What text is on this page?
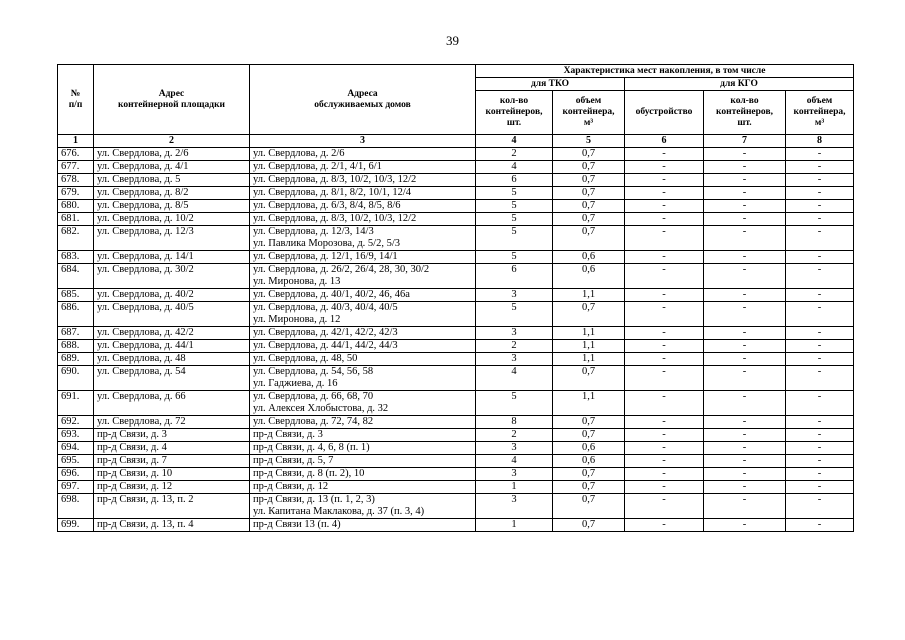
39
№
п/п	Адрес
контейнерной площадки	Адреса
обслуживаемых домов	Характеристика мест накопления, в том числе				
			для ТКО		для КГО		
			кол-во
контейнеров,
шт.	объем
контейнера,
м³	обустройство	кол-во
контейнеров,
шт.	объем
контейнера,
м³
1	2	3	4	5	6	7	8
676.	ул. Свердлова, д. 2/6	ул. Свердлова, д. 2/6	2	0,7	-	-	-
677.	ул. Свердлова, д. 4/1	ул. Свердлова, д. 2/1, 4/1, 6/1	4	0,7	-	-	-
678.	ул. Свердлова, д. 5	ул. Свердлова, д. 8/3, 10/2, 10/3, 12/2	6	0,7	-	-	-
679.	ул. Свердлова, д. 8/2	ул. Свердлова, д. 8/1, 8/2, 10/1, 12/4	5	0,7	-	-	-
680.	ул. Свердлова, д. 8/5	ул. Свердлова, д. 6/3, 8/4, 8/5, 8/6	5	0,7	-	-	-
681.	ул. Свердлова, д. 10/2	ул. Свердлова, д. 8/3, 10/2, 10/3, 12/2	5	0,7	-	-	-
682.	ул. Свердлова, д. 12/3	ул. Свердлова, д. 12/3, 14/3
ул. Павлика Морозова, д. 5/2, 5/3	5	0,7	-	-	-
683.	ул. Свердлова, д. 14/1	ул. Свердлова, д. 12/1, 16/9, 14/1	5	0,6	-	-	-
684.	ул. Свердлова, д. 30/2	ул. Свердлова, д. 26/2, 26/4, 28, 30, 30/2
ул. Миронова, д. 13	6	0,6	-	-	-
685.	ул. Свердлова, д. 40/2	ул. Свердлова, д. 40/1, 40/2, 46, 46а	3	1,1	-	-	-
686.	ул. Свердлова, д. 40/5	ул. Свердлова, д. 40/3, 40/4, 40/5
ул. Миронова, д. 12	5	0,7	-	-	-
687.	ул. Свердлова, д. 42/2	ул. Свердлова, д. 42/1, 42/2, 42/3	3	1,1	-	-	-
688.	ул. Свердлова, д. 44/1	ул. Свердлова, д. 44/1, 44/2, 44/3	2	1,1	-	-	-
689.	ул. Свердлова, д. 48	ул. Свердлова, д. 48, 50	3	1,1	-	-	-
690.	ул. Свердлова, д. 54	ул. Свердлова, д. 54, 56, 58
ул. Гаджиева, д. 16	4	0,7	-	-	-
691.	ул. Свердлова, д. 66	ул. Свердлова, д. 66, 68, 70
ул. Алексея Хлобыстова, д. 32	5	1,1	-	-	-
692.	ул. Свердлова, д. 72	ул. Свердлова, д. 72, 74, 82	8	0,7	-	-	-
693.	пр-д Связи, д. 3	пр-д Связи, д. 3	2	0,7	-	-	-
694.	пр-д Связи, д. 4	пр-д Связи, д. 4, 6, 8 (п. 1)	3	0,6	-	-	-
695.	пр-д Связи, д. 7	пр-д Связи, д. 5, 7	4	0,6	-	-	-
696.	пр-д Связи, д. 10	пр-д Связи, д. 8 (п. 2), 10	3	0,7	-	-	-
697.	пр-д Связи, д. 12	пр-д Связи, д. 12	1	0,7	-	-	-
698.	пр-д Связи, д. 13, п. 2	пр-д Связи, д. 13 (п. 1, 2, 3)
ул. Капитана Маклакова, д. 37 (п. 3, 4)	3	0,7	-	-	-
699.	пр-д Связи, д. 13, п. 4	пр-д Связи 13 (п. 4)	1	0,7	-	-	-
